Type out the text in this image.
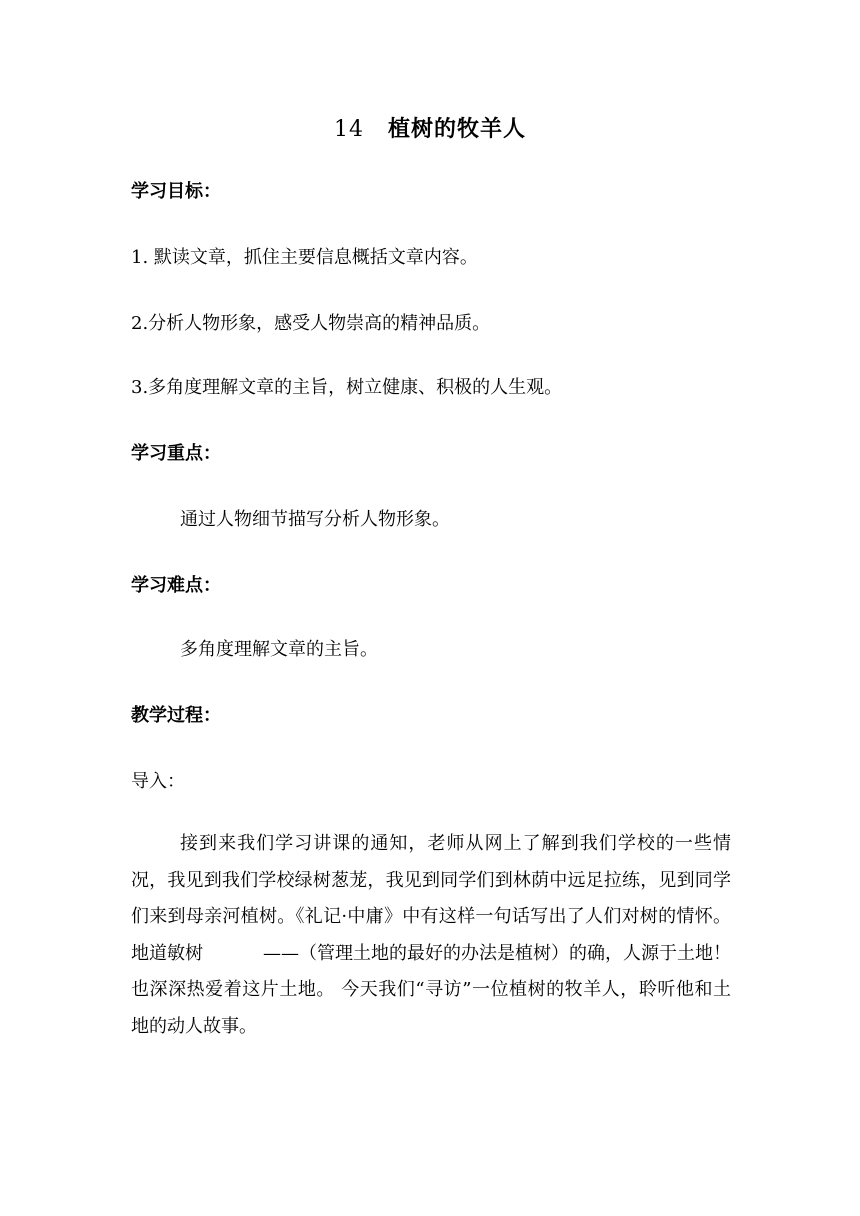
14 植树的牧羊人
学习目标：
1. 默读文章，抓住主要信息概括文章内容。
2.分析人物形象，感受人物崇高的精神品质。
3.多角度理解文章的主旨，树立健康、积极的人生观。
学习重点：
通过人物细节描写分析人物形象。
学习难点：
多角度理解文章的主旨。
教学过程：
导入：
接到来我们学习讲课的通知，老师从网上了解到我们学校的一些情况，我见到我们学校绿树葱茏，我见到同学们到林荫中远足拉练，见到同学们来到母亲河植树。《礼记·中庸》中有这样一句话写出了人们对树的情怀。地道敏树	——（管理土地的最好的办法是植树）的确，人源于土地！也深深热爱着这片土地。 今天我们“寻访”一位植树的牧羊人，聆听他和土地的动人故事。
